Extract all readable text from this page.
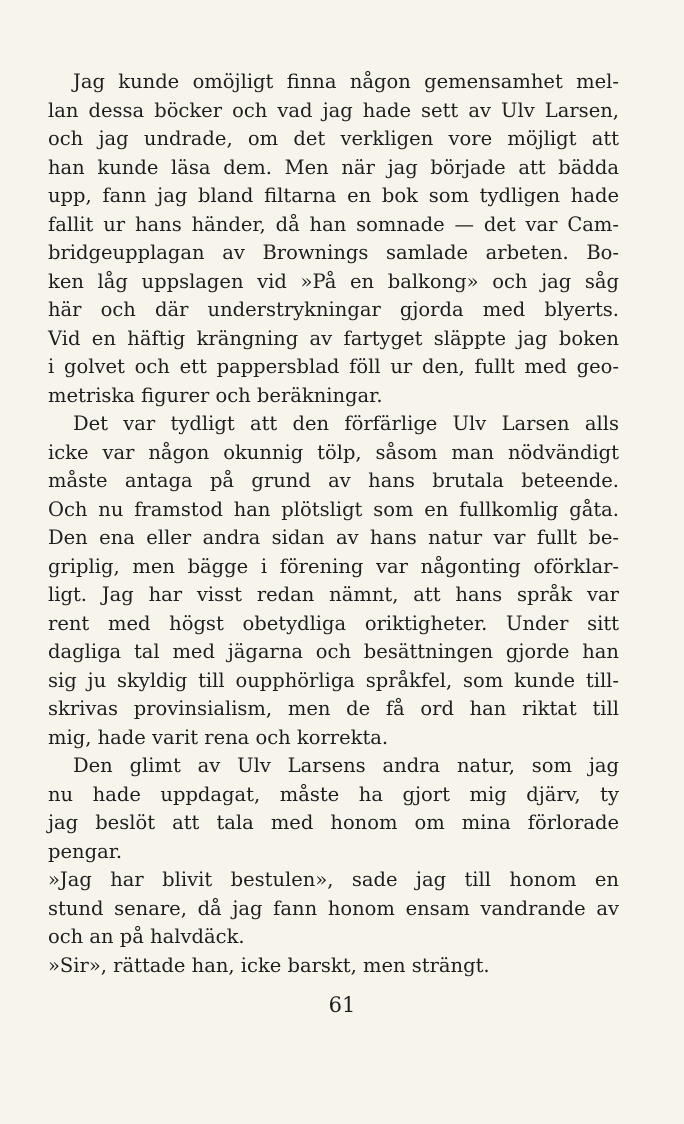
Jag kunde omöjligt finna någon gemensamhet mel-
lan dessa böcker och vad jag hade sett av Ulv Larsen,
och jag undrade, om det verkligen vore möjligt att
han kunde läsa dem. Men när jag började att bädda
upp, fann jag bland filtarna en bok som tydligen hade
fallit ur hans händer, då han somnade — det var Cam-
bridgeupplagan av Brownings samlade arbeten. Bo-
ken låg uppslagen vid »På en balkong» och jag såg
här och där understrykningar gjorda med blyerts.
Vid en häftig krängning av fartyget släppte jag boken
i golvet och ett pappersblad föll ur den, fullt med geo-
metriska figurer och beräkningar.
Det var tydligt att den förfärlige Ulv Larsen alls
icke var någon okunnig tölp, såsom man nödvändigt
måste antaga på grund av hans brutala beteende.
Och nu framstod han plötsligt som en fullkomlig gåta.
Den ena eller andra sidan av hans natur var fullt be-
griplig, men bägge i förening var någonting oförklar-
ligt. Jag har visst redan nämnt, att hans språk var
rent med högst obetydliga oriktigheter. Under sitt
dagliga tal med jägarna och besättningen gjorde han
sig ju skyldig till oupphörliga språkfel, som kunde till-
skrivas provinsialism, men de få ord han riktat till
mig, hade varit rena och korrekta.
Den glimt av Ulv Larsens andra natur, som jag
nu hade uppdagat, måste ha gjort mig djärv, ty
jag beslöt att tala med honom om mina förlorade
pengar.
»Jag har blivit bestulen», sade jag till honom en
stund senare, då jag fann honom ensam vandrande av
och an på halvdäck.
»Sir», rättade han, icke barskt, men strängt.
61
